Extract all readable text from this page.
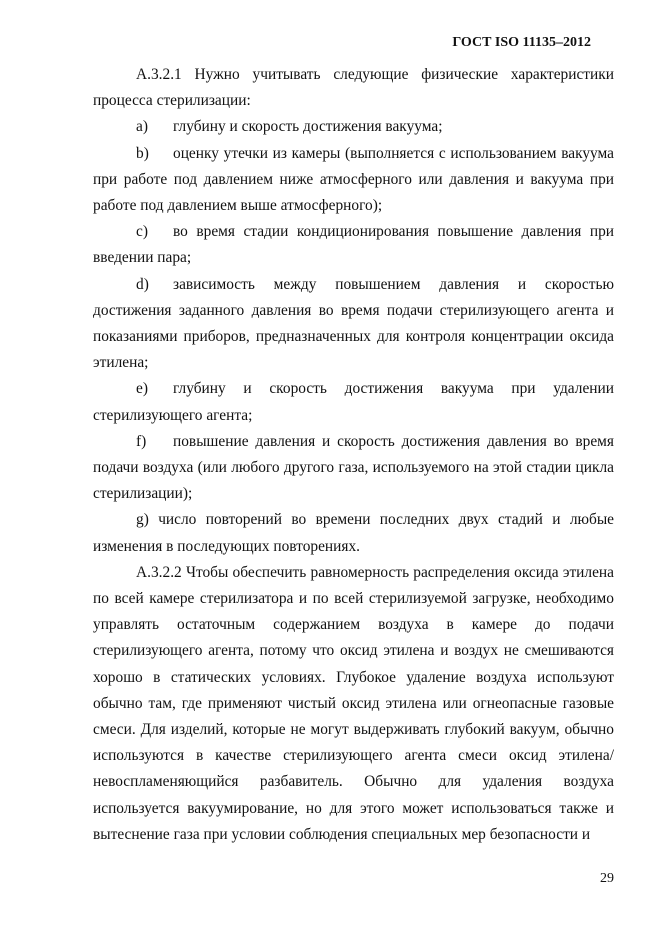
ГОСТ ISO 11135–2012

А.3.2.1 Нужно учитывать следующие физические характеристики процесса стерилизации:

a) глубину и скорость достижения вакуума;

b) оценку утечки из камеры (выполняется с использованием вакуума при работе под давлением ниже атмосферного или давления и вакуума при работе под давлением выше атмосферного);

c) во время стадии кондиционирования повышение давления при введении пара;

d) зависимость между повышением давления и скоростью достижения заданного давления во время подачи стерилизующего агента и показаниями приборов, предназначенных для контроля концентрации оксида этилена;

e) глубину и скорость достижения вакуума при удалении стерилизующего агента;

f) повышение давления и скорость достижения давления во время подачи воздуха (или любого другого газа, используемого на этой стадии цикла стерилизации);

g) число повторений во времени последних двух стадий и любые изменения в последующих повторениях.

А.3.2.2 Чтобы обеспечить равномерность распределения оксида этилена по всей камере стерилизатора и по всей стерилизуемой загрузке, необходимо управлять остаточным содержанием воздуха в камере до подачи стерилизующего агента, потому что оксид этилена и воздух не смешиваются хорошо в статических условиях. Глубокое удаление воздуха используют обычно там, где применяют чистый оксид этилена или огнеопасные газовые смеси. Для изделий, которые не могут выдерживать глубокий вакуум, обычно используются в качестве стерилизующего агента смеси оксид этилена/невоспламеняющийся разбавитель. Обычно для удаления воздуха используется вакуумирование, но для этого может использоваться также и вытеснение газа при условии соблюдения специальных мер безопасности и

29
